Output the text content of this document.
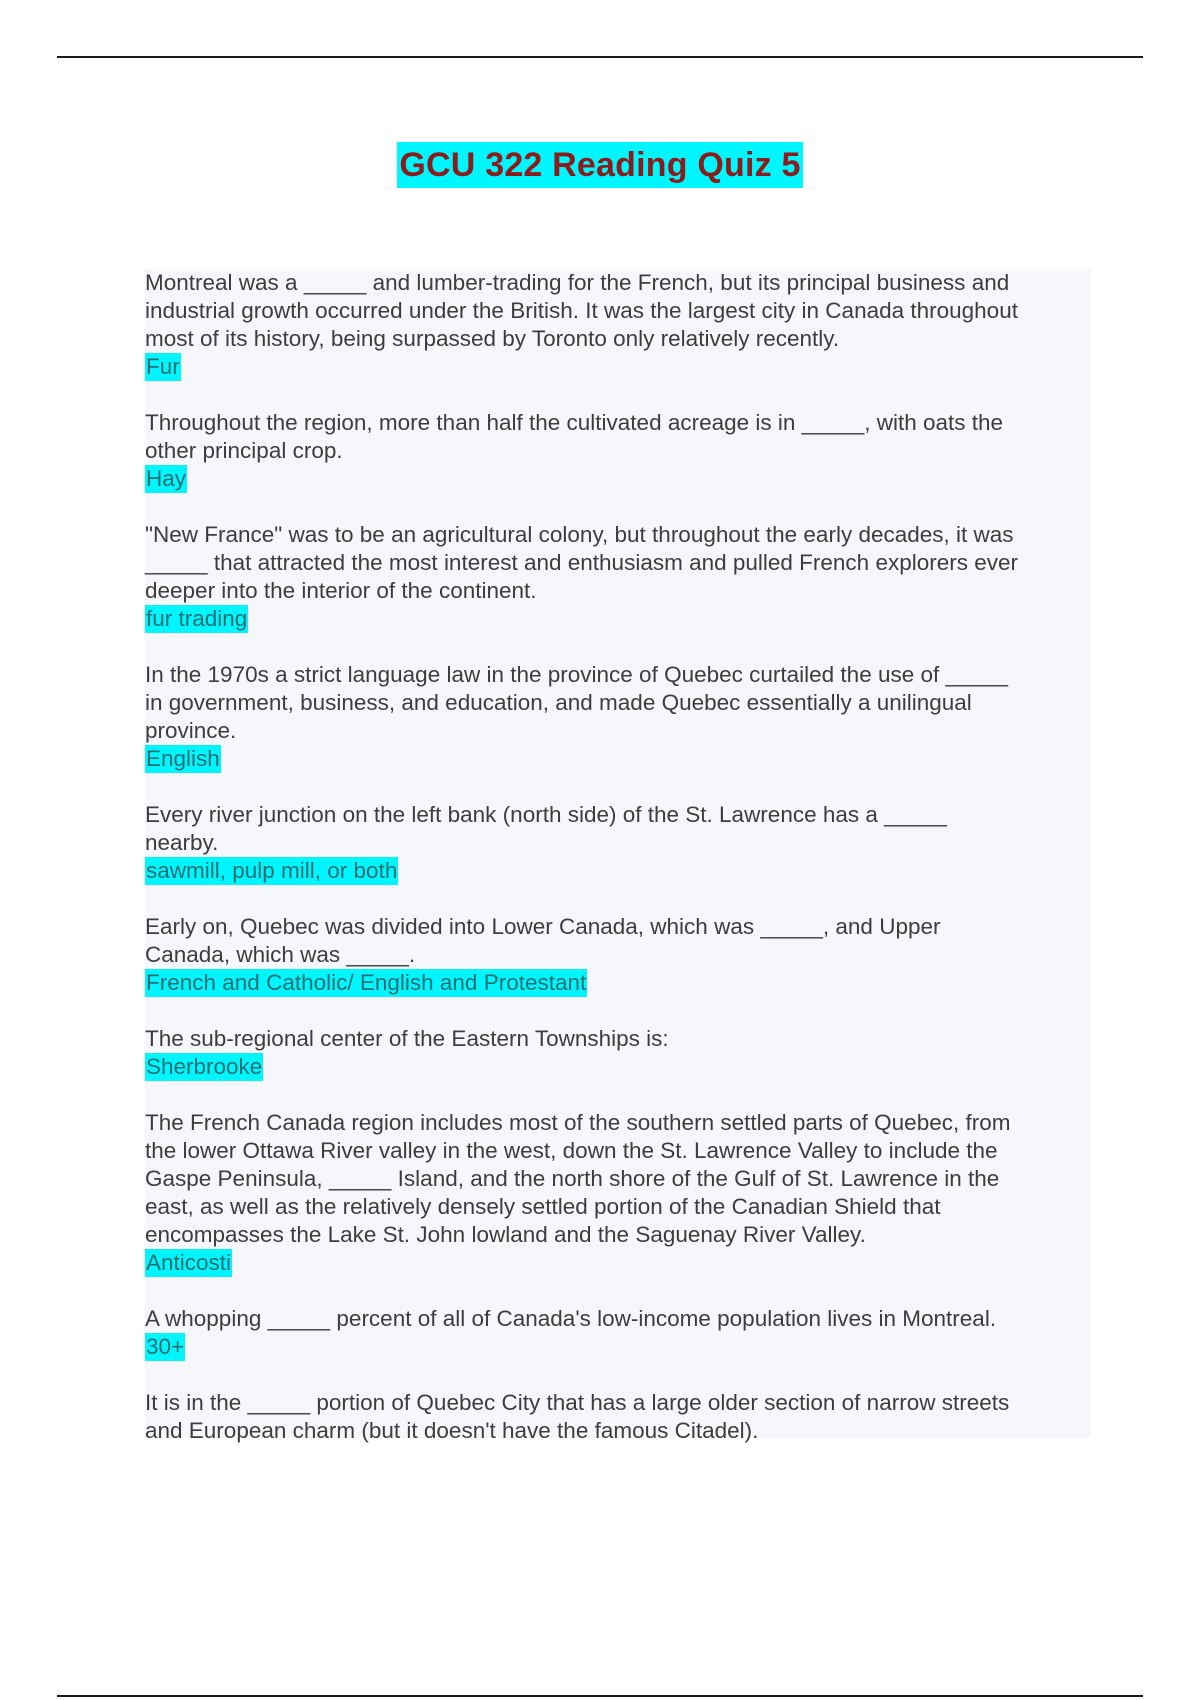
GCU 322 Reading Quiz 5
Montreal was a _____ and lumber-trading for the French, but its principal business and
industrial growth occurred under the British. It was the largest city in Canada throughout
most of its history, being surpassed by Toronto only relatively recently.
Fur
Throughout the region, more than half the cultivated acreage is in _____, with oats the
other principal crop.
Hay
"New France" was to be an agricultural colony, but throughout the early decades, it was
_____ that attracted the most interest and enthusiasm and pulled French explorers ever
deeper into the interior of the continent.
fur trading
In the 1970s a strict language law in the province of Quebec curtailed the use of _____
in government, business, and education, and made Quebec essentially a unilingual
province.
English
Every river junction on the left bank (north side) of the St. Lawrence has a _____
nearby.
sawmill, pulp mill, or both
Early on, Quebec was divided into Lower Canada, which was _____, and Upper
Canada, which was _____.
French and Catholic/ English and Protestant
The sub-regional center of the Eastern Townships is:
Sherbrooke
The French Canada region includes most of the southern settled parts of Quebec, from
the lower Ottawa River valley in the west, down the St. Lawrence Valley to include the
Gaspe Peninsula, _____ Island, and the north shore of the Gulf of St. Lawrence in the
east, as well as the relatively densely settled portion of the Canadian Shield that
encompasses the Lake St. John lowland and the Saguenay River Valley.
Anticosti
A whopping _____ percent of all of Canada's low-income population lives in Montreal.
30+
It is in the _____ portion of Quebec City that has a large older section of narrow streets
and European charm (but it doesn't have the famous Citadel).
